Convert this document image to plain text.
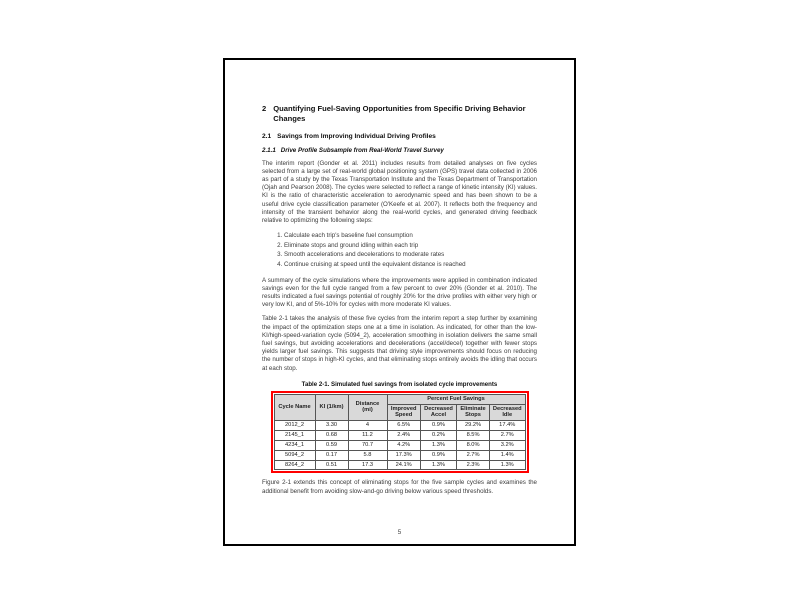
2 Quantifying Fuel-Saving Opportunities from Specific Driving Behavior Changes
2.1 Savings from Improving Individual Driving Profiles
2.1.1 Drive Profile Subsample from Real-World Travel Survey

The interim report (Gonder et al. 2011) includes results from detailed analyses on five cycles selected from a large set of real-world global positioning system (GPS) travel data collected in 2006 as part of a study by the Texas Transportation Institute and the Texas Department of Transportation (Ojah and Pearson 2008). The cycles were selected to reflect a range of kinetic intensity (KI) values. KI is the ratio of characteristic acceleration to aerodynamic speed and has been shown to be a useful drive cycle classification parameter (O'Keefe et al. 2007). It reflects both the frequency and intensity of the transient behavior along the real-world cycles, and generated driving feedback relative to optimizing the following steps:

1. Calculate each trip's baseline fuel consumption
2. Eliminate stops and ground idling within each trip
3. Smooth accelerations and decelerations to moderate rates
4. Continue cruising at speed until the equivalent distance is reached

A summary of the cycle simulations where the improvements were applied in combination indicated savings even for the full cycle ranged from a few percent to over 20% (Gonder et al. 2010). The results indicated a fuel savings potential of roughly 20% for the drive profiles with either very high or very low KI, and of 5%-10% for cycles with more moderate KI values.

Table 2-1 takes the analysis of these five cycles from the interim report a step further by examining the impact of the optimization steps one at a time in isolation. As indicated, for other than the low-KI/high-speed-variation cycle (5094_2), acceleration smoothing in isolation delivers the same small fuel savings, but avoiding accelerations and decelerations (accel/decel) together with fewer stops yields larger fuel savings. This suggests that driving style improvements should focus on reducing the number of stops in high-KI cycles, and that eliminating stops entirely avoids the idling that occurs at each stop.

Table 2-1. Simulated fuel savings from isolated cycle improvements
Cycle Name	KI (1/km)	Distance (mi)	Percent Fuel Savings			
			Improved Speed	Decreased Accel	Eliminate Stops	Decreased Idle
2012_2	3.30	4	6.5%	0.9%	29.2%	17.4%
2145_1	0.68	11.2	2.4%	0.2%	8.5%	2.7%
4234_1	0.59	70.7	4.2%	1.3%	8.0%	3.2%
5094_2	0.17	5.8	17.3%	0.9%	2.7%	1.4%
8264_2	0.51	17.3	24.1%	1.3%	2.3%	1.3%

Figure 2-1 extends this concept of eliminating stops for the five sample cycles and examines the additional benefit from avoiding slow-and-go driving below various speed thresholds.

5
